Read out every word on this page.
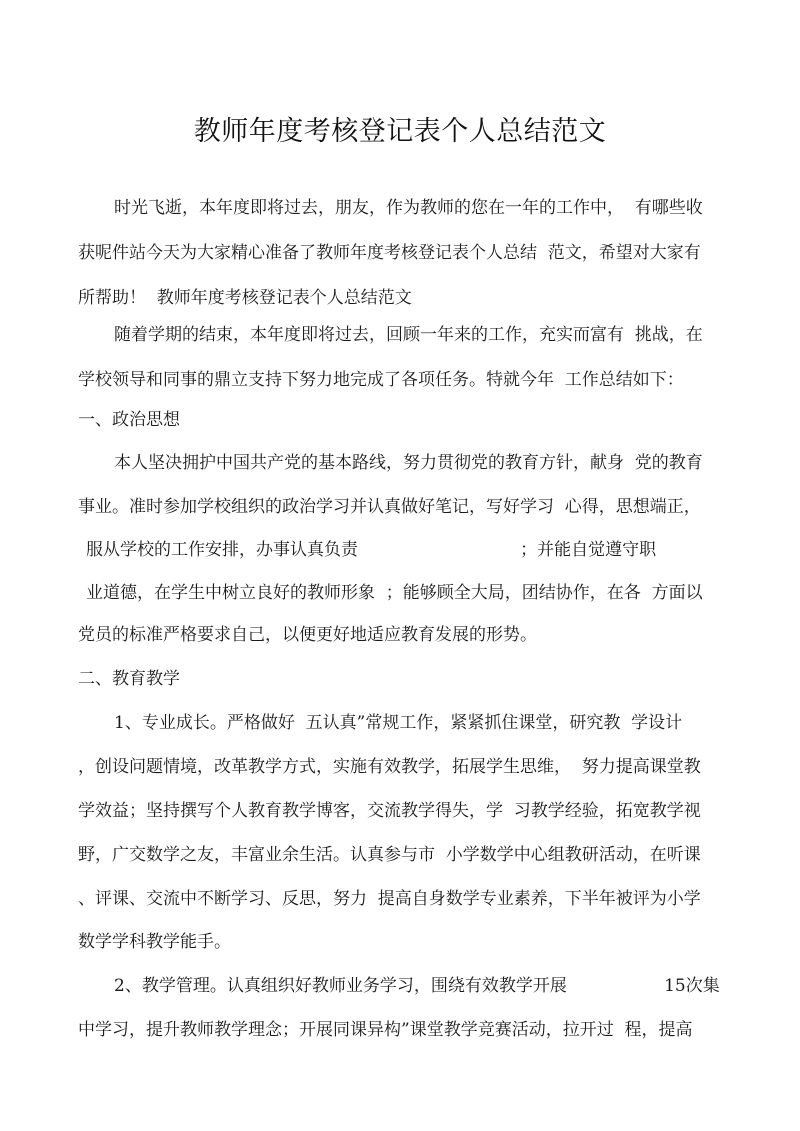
教师年度考核登记表个人总结范文
时光飞逝，本年度即将过去，朋友，作为教师的您在一年的工作中，  有哪些收
获呢件站今天为大家精心准备了教师年度考核登记表个人总结  范文，希望对大家有
所帮助！  教师年度考核登记表个人总结范文
随着学期的结束，本年度即将过去，回顾一年来的工作，充实而富有  挑战，在
学校领导和同事的鼎立支持下努力地完成了各项任务。特就今年  工作总结如下：
一、政治思想
本人坚决拥护中国共产党的基本路线，努力贯彻党的教育方针，献身  党的教育
事业。准时参加学校组织的政治学习并认真做好笔记，写好学习  心得，思想端正，
服从学校的工作安排，办事认真负责                              ；并能自觉遵守职
业道德，在学生中树立良好的教师形象  ；能够顾全大局，团结协作，在各  方面以
党员的标准严格要求自己，以便更好地适应教育发展的形势。
二、教育教学
1、专业成长。严格做好  五认真”常规工作，紧紧抓住课堂，研究教  学设计
，创设问题情境，改革教学方式，实施有效教学，拓展学生思维，  努力提高课堂教
学效益；坚持撰写个人教育教学博客，交流教学得失，学  习教学经验，拓宽教学视
野，广交数学之友，丰富业余生活。认真参与市  小学数学中心组教研活动，在听课
、评课、交流中不断学习、反思，努力  提高自身数学专业素养，下半年被评为小学
数学学科教学能手。
2、教学管理。认真组织好教师业务学习，围绕有效教学开展                  15次集
中学习，提升教师教学理念；开展同课异构”课堂教学竞赛活动，拉开过  程，提高
